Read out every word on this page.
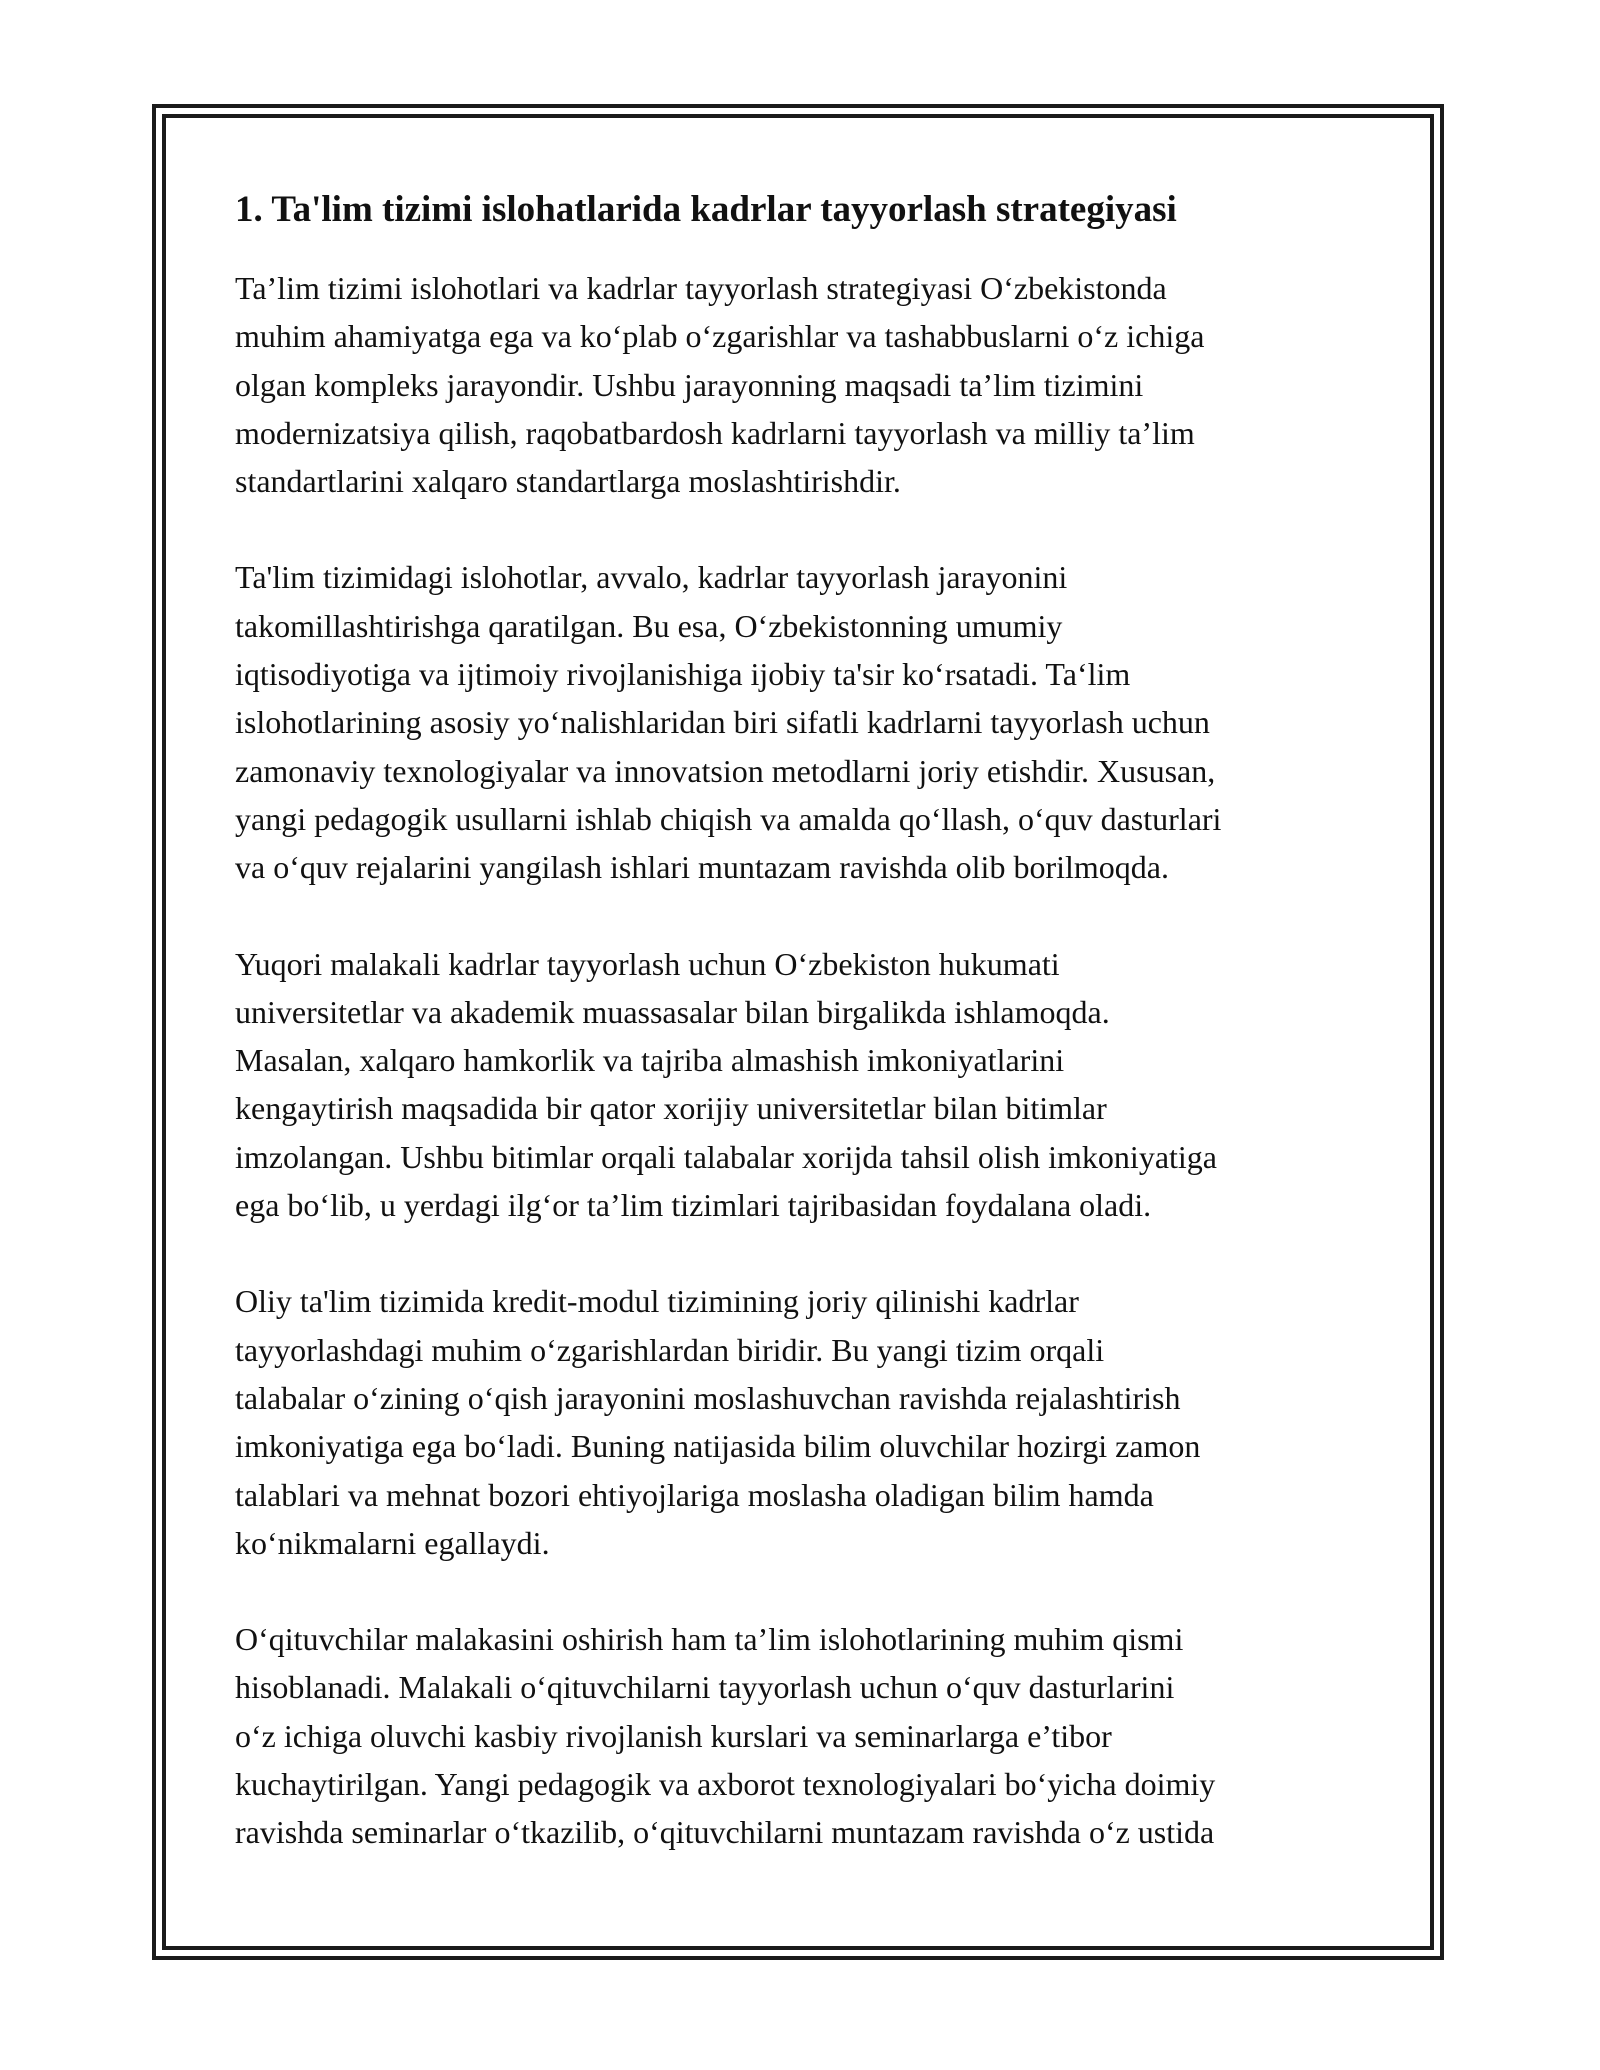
1. Ta'lim tizimi islohatlarida kadrlar tayyorlash strategiyasi

Ta’lim tizimi islohotlari va kadrlar tayyorlash strategiyasi O‘zbekistonda
muhim ahamiyatga ega va ko‘plab o‘zgarishlar va tashabbuslarni o‘z ichiga
olgan kompleks jarayondir. Ushbu jarayonning maqsadi ta’lim tizimini
modernizatsiya qilish, raqobatbardosh kadrlarni tayyorlash va milliy ta’lim
standartlarini xalqaro standartlarga moslashtirishdir.

Ta'lim tizimidagi islohotlar, avvalo, kadrlar tayyorlash jarayonini
takomillashtirishga qaratilgan. Bu esa, O‘zbekistonning umumiy
iqtisodiyotiga va ijtimoiy rivojlanishiga ijobiy ta'sir ko‘rsatadi. Ta‘lim
islohotlarining asosiy yo‘nalishlaridan biri sifatli kadrlarni tayyorlash uchun
zamonaviy texnologiyalar va innovatsion metodlarni joriy etishdir. Xususan,
yangi pedagogik usullarni ishlab chiqish va amalda qo‘llash, o‘quv dasturlari
va o‘quv rejalarini yangilash ishlari muntazam ravishda olib borilmoqda.

Yuqori malakali kadrlar tayyorlash uchun O‘zbekiston hukumati
universitetlar va akademik muassasalar bilan birgalikda ishlamoqda.
Masalan, xalqaro hamkorlik va tajriba almashish imkoniyatlarini
kengaytirish maqsadida bir qator xorijiy universitetlar bilan bitimlar
imzolangan. Ushbu bitimlar orqali talabalar xorijda tahsil olish imkoniyatiga
ega bo‘lib, u yerdagi ilg‘or ta’lim tizimlari tajribasidan foydalana oladi.

Oliy ta'lim tizimida kredit-modul tizimining joriy qilinishi kadrlar
tayyorlashdagi muhim o‘zgarishlardan biridir. Bu yangi tizim orqali
talabalar o‘zining o‘qish jarayonini moslashuvchan ravishda rejalashtirish
imkoniyatiga ega bo‘ladi. Buning natijasida bilim oluvchilar hozirgi zamon
talablari va mehnat bozori ehtiyojlariga moslasha oladigan bilim hamda
ko‘nikmalarni egallaydi.

O‘qituvchilar malakasini oshirish ham ta’lim islohotlarining muhim qismi
hisoblanadi. Malakali o‘qituvchilarni tayyorlash uchun o‘quv dasturlarini
o‘z ichiga oluvchi kasbiy rivojlanish kurslari va seminarlarga e’tibor
kuchaytirilgan. Yangi pedagogik va axborot texnologiyalari bo‘yicha doimiy
ravishda seminarlar o‘tkazilib, o‘qituvchilarni muntazam ravishda o‘z ustida
